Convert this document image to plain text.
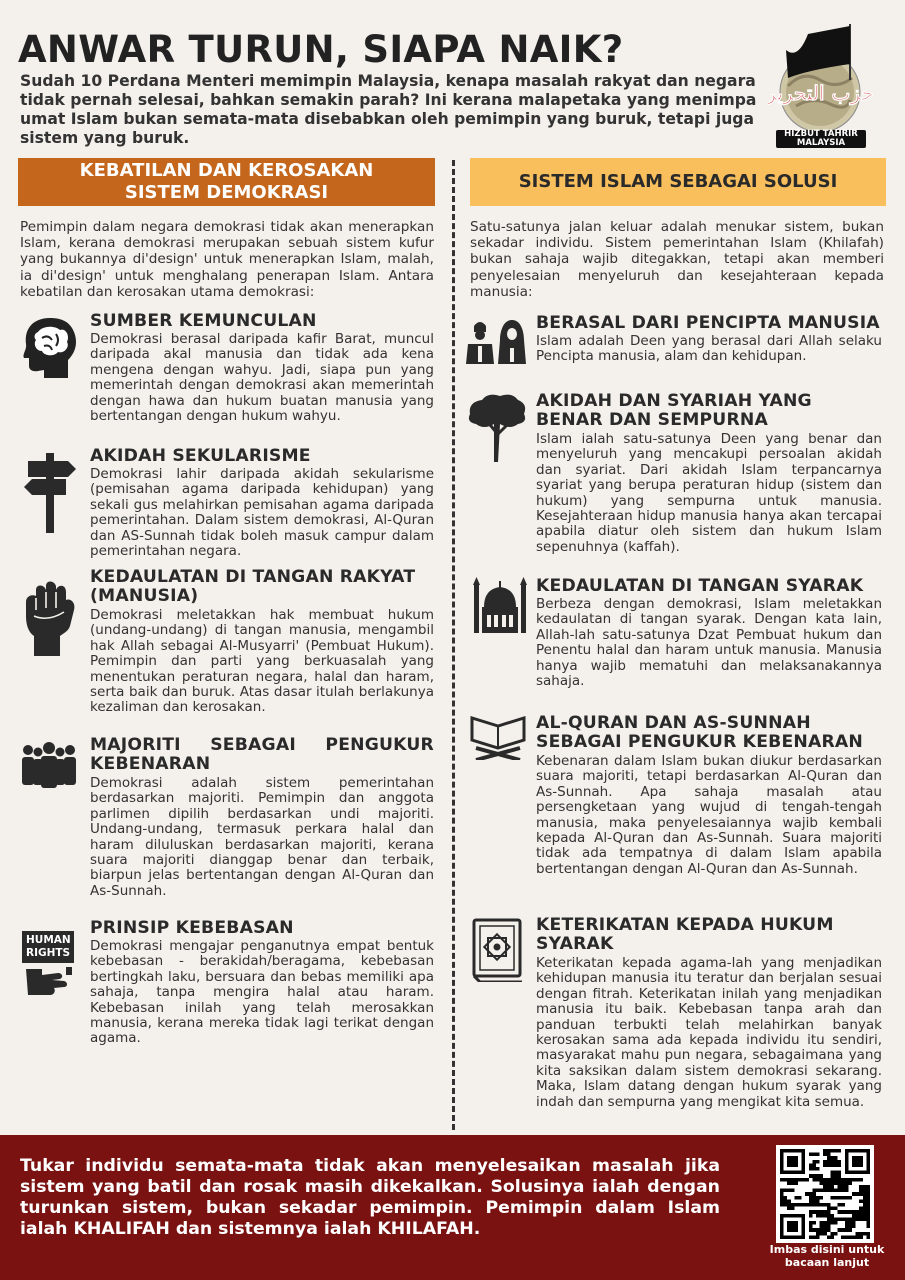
ANWAR TURUN, SIAPA NAIK?
Sudah 10 Perdana Menteri memimpin Malaysia, kenapa masalah rakyat dan negara tidak pernah selesai, bahkan semakin parah? Ini kerana malapetaka yang menimpa umat Islam bukan semata-mata disebabkan oleh pemimpin yang buruk, tetapi juga sistem yang buruk.
حزب التحرير
HIZBUT TAHRIR MALAYSIA
KEBATILAN DAN KEROSAKAN
SISTEM DEMOKRASI
SISTEM ISLAM SEBAGAI SOLUSI
Pemimpin dalam negara demokrasi tidak akan menerapkan Islam, kerana demokrasi merupakan sebuah sistem kufur yang bukannya di'design' untuk menerapkan Islam, malah, ia di'design' untuk menghalang penerapan Islam. Antara kebatilan dan kerosakan utama demokrasi:
Satu-satunya jalan keluar adalah menukar sistem, bukan sekadar individu. Sistem pemerintahan Islam (Khilafah) bukan sahaja wajib ditegakkan, tetapi akan memberi penyelesaian menyeluruh dan kesejahteraan kepada manusia:
SUMBER KEMUNCULAN

Demokrasi berasal daripada kafir Barat, muncul daripada akal manusia dan tidak ada kena mengena dengan wahyu. Jadi, siapa pun yang memerintah dengan demokrasi akan memerintah dengan hawa dan hukum buatan manusia yang bertentangan dengan hukum wahyu.

AKIDAH SEKULARISME

Demokrasi lahir daripada akidah sekularisme (pemisahan agama daripada kehidupan) yang sekali gus melahirkan pemisahan agama daripada pemerintahan. Dalam sistem demokrasi, Al-Quran dan AS-Sunnah tidak boleh masuk campur dalam pemerintahan negara.

KEDAULATAN DI TANGAN RAKYAT (MANUSIA)

Demokrasi meletakkan hak membuat hukum (undang-undang) di tangan manusia, mengambil hak Allah sebagai Al-Musyarri' (Pembuat Hukum). Pemimpin dan parti yang berkuasalah yang menentukan peraturan negara, halal dan haram, serta baik dan buruk. Atas dasar itulah berlakunya kezaliman dan kerosakan.

MAJORITI SEBAGAI PENGUKUR KEBENARAN

Demokrasi adalah sistem pemerintahan berdasarkan majoriti. Pemimpin dan anggota parlimen dipilih berdasarkan undi majoriti. Undang-undang, termasuk perkara halal dan haram diluluskan berdasarkan majoriti, kerana suara majoriti dianggap benar dan terbaik, biarpun jelas bertentangan dengan Al-Quran dan As-Sunnah.

HUMAN
RIGHTS
PRINSIP KEBEBASAN

Demokrasi mengajar penganutnya empat bentuk kebebasan - berakidah/beragama, kebebasan bertingkah laku, bersuara dan bebas memiliki apa sahaja, tanpa mengira halal atau haram. Kebebasan inilah yang telah merosakkan manusia, kerana mereka tidak lagi terikat dengan agama.

BERASAL DARI PENCIPTA MANUSIA

Islam adalah Deen yang berasal dari Allah selaku Pencipta manusia, alam dan kehidupan.

AKIDAH DAN SYARIAH YANG BENAR DAN SEMPURNA

Islam ialah satu-satunya Deen yang benar dan menyeluruh yang mencakupi persoalan akidah dan syariat. Dari akidah Islam terpancarnya syariat yang berupa peraturan hidup (sistem dan hukum) yang sempurna untuk manusia. Kesejahteraan hidup manusia hanya akan tercapai apabila diatur oleh sistem dan hukum Islam sepenuhnya (kaffah).

KEDAULATAN DI TANGAN SYARAK

Berbeza dengan demokrasi, Islam meletakkan kedaulatan di tangan syarak. Dengan kata lain, Allah-lah satu-satunya Dzat Pembuat hukum dan Penentu halal dan haram untuk manusia. Manusia hanya wajib mematuhi dan melaksanakannya sahaja.

AL-QURAN DAN AS-SUNNAH SEBAGAI PENGUKUR KEBENARAN

Kebenaran dalam Islam bukan diukur berdasarkan suara majoriti, tetapi berdasarkan Al-Quran dan As-Sunnah. Apa sahaja masalah atau persengketaan yang wujud di tengah-tengah manusia, maka penyelesaiannya wajib kembali kepada Al-Quran dan As-Sunnah. Suara majoriti tidak ada tempatnya di dalam Islam apabila bertentangan dengan Al-Quran dan As-Sunnah.

KETERIKATAN KEPADA HUKUM SYARAK

Keterikatan kepada agama-lah yang menjadikan kehidupan manusia itu teratur dan berjalan sesuai dengan fitrah. Keterikatan inilah yang menjadikan manusia itu baik. Kebebasan tanpa arah dan panduan terbukti telah melahirkan banyak kerosakan sama ada kepada individu itu sendiri, masyarakat mahu pun negara, sebagaimana yang kita saksikan dalam sistem demokrasi sekarang. Maka, Islam datang dengan hukum syarak yang indah dan sempurna yang mengikat kita semua.

Tukar individu semata-mata tidak akan menyelesaikan masalah jika sistem yang batil dan rosak masih dikekalkan. Solusinya ialah dengan turunkan sistem, bukan sekadar pemimpin. Pemimpin dalam Islam ialah KHALIFAH dan sistemnya ialah KHILAFAH.
Imbas disini untuk bacaan lanjut
